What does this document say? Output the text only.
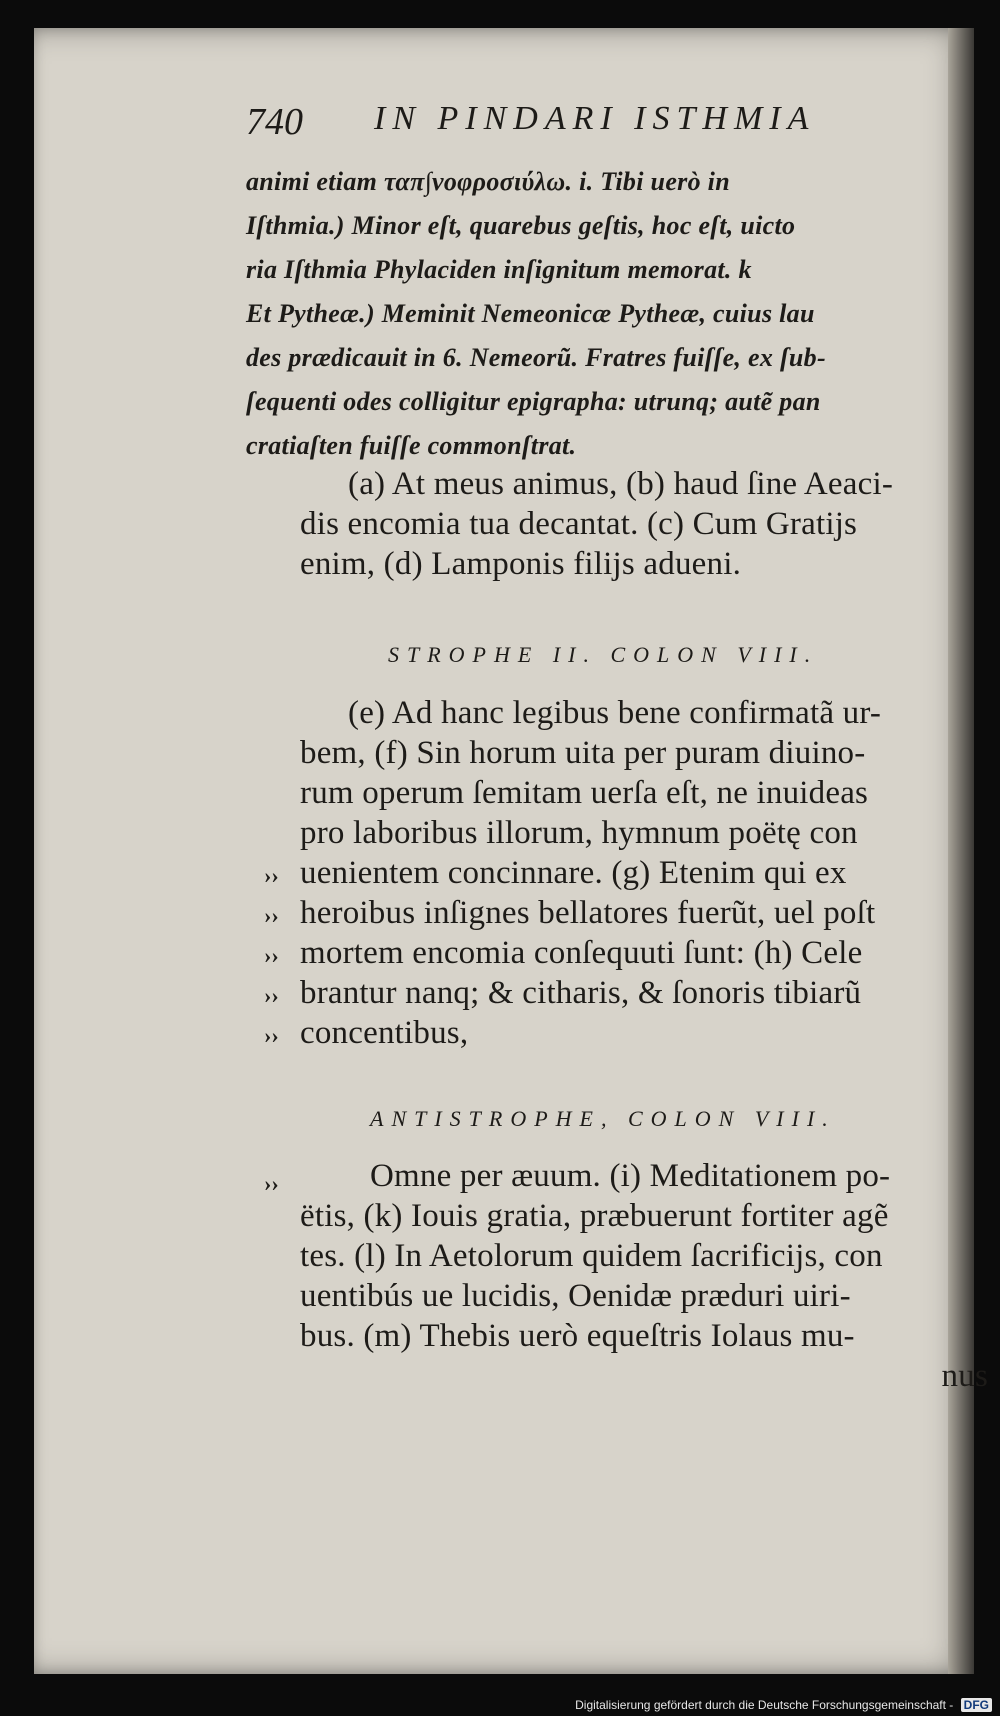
740 IN PINDARI ISTHMIA
animi etiam ταπ∫νοφροσιύλω. i. Tibi uerò in
Iſthmia.) Minor eſt, quarebus geſtis, hoc eſt, uicto
ria Iſthmia Phylaciden inſignitum memorat. k
Et Pytheæ.) Meminit Nemeonicæ Pytheæ, cuius lau
des prædicauit in 6. Nemeorũ. Fratres fuiſſe, ex ſub-
ſequenti odes colligitur epigrapha: utrunq; autẽ pan
cratiaſten fuiſſe commonſtrat.
(a) At meus animus, (b) haud ſine Aeaci-
dis encomia tua decantat. (c) Cum Gratijs
enim, (d) Lamponis filijs adueni.
STROPHE II. COLON VIII.
(e) Ad hanc legibus bene confirmatã ur-
bem, (f) Sin horum uita per puram diuino-
rum operum ſemitam uerſa eſt, ne inuideas
pro laboribus illorum, hymnum poëtę con
uenientem concinnare. (g) Etenim qui ex
heroibus inſignes bellatores fuerũt, uel poſt
mortem encomia conſequuti ſunt: (h) Cele
brantur nanq; & citharis, & ſonoris tibiarũ
concentibus,
››
››
››
››
››
ANTISTROPHE, COLON VIII.
››	Omne per æuum. (i) Meditationem po-
ëtis, (k) Iouis gratia, præbuerunt fortiter agẽ
tes. (l) In Aetolorum quidem ſacrificijs, con
uentibús ue lucidis, Oenidæ præduri uiri-
bus. (m) Thebis uerò equeſtris Iolaus mu-
nus
Digitalisierung gefördert durch die Deutsche Forschungsgemeinschaft - DFG
